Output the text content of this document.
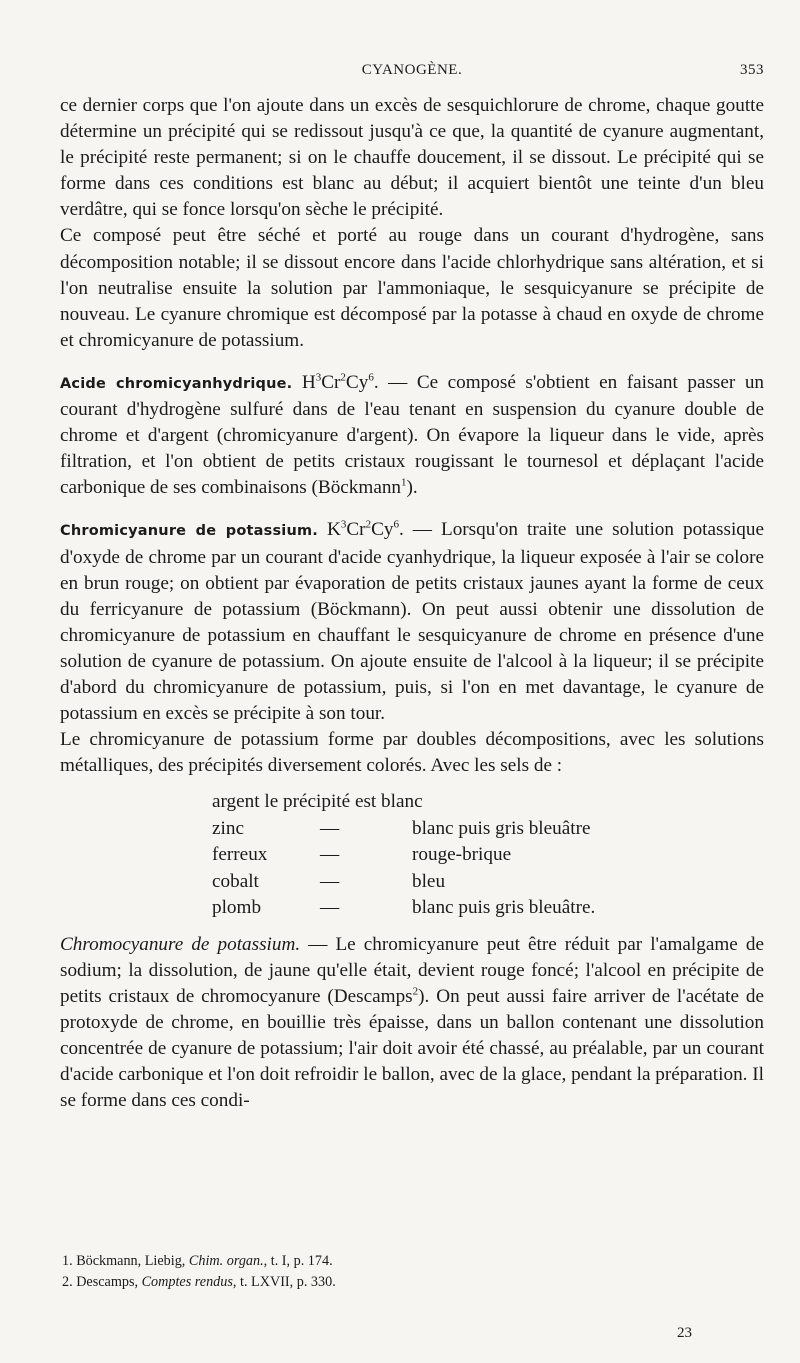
CYANOGÈNE.	353

ce dernier corps que l'on ajoute dans un excès de sesquichlorure de chrome, chaque goutte détermine un précipité qui se redissout jusqu'à ce que, la quantité de cyanure augmentant, le précipité reste permanent; si on le chauffe doucement, il se dissout. Le précipité qui se forme dans ces conditions est blanc au début; il acquiert bientôt une teinte d'un bleu verdâtre, qui se fonce lorsqu'on sèche le précipité.

Ce composé peut être séché et porté au rouge dans un courant d'hydrogène, sans décomposition notable; il se dissout encore dans l'acide chlorhydrique sans altération, et si l'on neutralise ensuite la solution par l'ammoniaque, le sesquicyanure se précipite de nouveau. Le cyanure chromique est décomposé par la potasse à chaud en oxyde de chrome et chromicyanure de potassium.

Acide chromicyanhydrique. $H^3Cr^2Cy^6$. — Ce composé s'obtient en faisant passer un courant d'hydrogène sulfuré dans de l'eau tenant en suspension du cyanure double de chrome et d'argent (chromicyanure d'argent). On évapore la liqueur dans le vide, après filtration, et l'on obtient de petits cristaux rougissant le tournesol et déplaçant l'acide carbonique de ses combinaisons (Böckmann$^1$).

Chromicyanure de potassium. $K^3Cr^2Cy^6$. — Lorsqu'on traite une solution potassique d'oxyde de chrome par un courant d'acide cyanhydrique, la liqueur exposée à l'air se colore en brun rouge; on obtient par évaporation de petits cristaux jaunes ayant la forme de ceux du ferricyanure de potassium (Böckmann). On peut aussi obtenir une dissolution de chromicyanure de potassium en chauffant le sesquicyanure de chrome en présence d'une solution de cyanure de potassium. On ajoute ensuite de l'alcool à la liqueur; il se précipite d'abord du chromicyanure de potassium, puis, si l'on en met davantage, le cyanure de potassium en excès se précipite à son tour.

Le chromicyanure de potassium forme par doubles décompositions, avec les solutions métalliques, des précipités diversement colorés. Avec les sels de :

argent le précipité est blanc		
zinc	—	blanc puis gris bleuâtre
ferreux	—	rouge-brique
cobalt	—	bleu
plomb	—	blanc puis gris bleuâtre.

Chromocyanure de potassium. — Le chromicyanure peut être réduit par l'amalgame de sodium; la dissolution, de jaune qu'elle était, devient rouge foncé; l'alcool en précipite de petits cristaux de chromocyanure (Descamps$^2$). On peut aussi faire arriver de l'acétate de protoxyde de chrome, en bouillie très épaisse, dans un ballon contenant une dissolution concentrée de cyanure de potassium; l'air doit avoir été chassé, au préalable, par un courant d'acide carbonique et l'on doit refroidir le ballon, avec de la glace, pendant la préparation. Il se forme dans ces condi-

1. Böckmann, Liebig, Chim. organ., t. I, p. 174.
2. Descamps, Comptes rendus, t. LXVII, p. 330.
23
